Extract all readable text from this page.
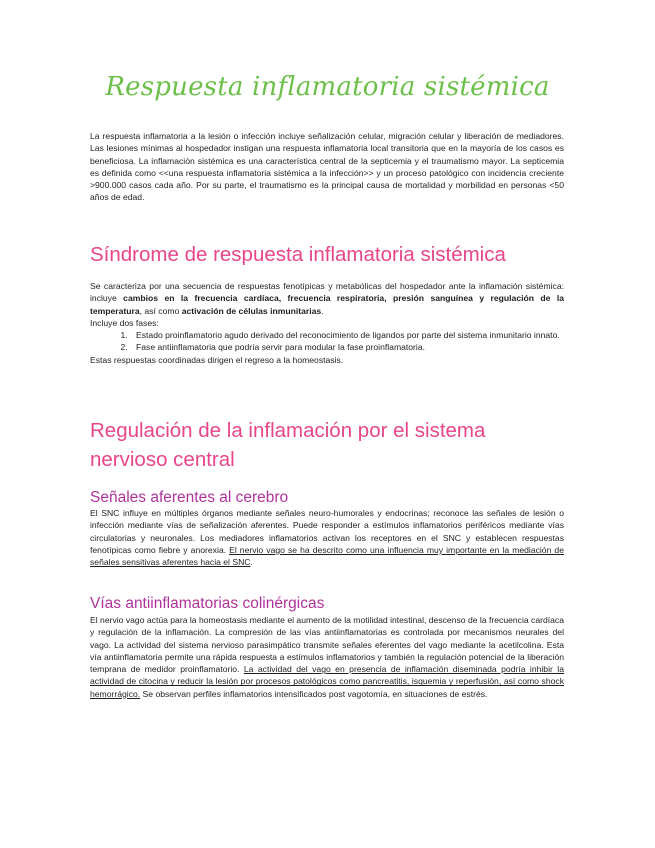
Respuesta inflamatoria sistémica

La respuesta inflamatoria a la lesión o infección incluye señalización celular, migración celular y liberación de mediadores. Las lesiones mínimas al hospedador instigan una respuesta inflamatoria local transitoria que en la mayoría de los casos es beneficiosa. La inflamación sistémica es una característica central de la septicemia y el traumatismo mayor. La septicemia es definida como <<una respuesta inflamatoria sistémica a la infección>> y un proceso patológico con incidencia creciente >900.000 casos cada año. Por su parte, el traumatismo es la principal causa de mortalidad y morbilidad en personas <50 años de edad.

Síndrome de respuesta inflamatoria sistémica

Se caracteriza por una secuencia de respuestas fenotípicas y metabólicas del hospedador ante la inflamación sistémica: incluye cambios en la frecuencia cardíaca, frecuencia respiratoria, presión sanguínea y regulación de la temperatura, así como activación de células inmunitarias.

Incluye dos fases:

1. Estado proinflamatorio agudo derivado del reconocimiento de ligandos por parte del sistema inmunitario innato.
2. Fase antiinflamatoria que podría servir para modular la fase proinflamatoria.

Estas respuestas coordinadas dirigen el regreso a la homeostasis.

Regulación de la inflamación por el sistema nervioso central
Señales aferentes al cerebro

El SNC influye en múltiples órganos mediante señales neuro-humorales y endocrinas; reconoce las señales de lesión o infección mediante vías de señalización aferentes. Puede responder a estímulos inflamatorios periféricos mediante vías circulatorias y neuronales. Los mediadores inflamatorios activan los receptores en el SNC y establecen respuestas fenotípicas como fiebre y anorexia. El nervio vago se ha descrito como una influencia muy importante en la mediación de señales sensitivas aferentes hacia el SNC.

Vías antiinflamatorias colinérgicas

El nervio vago actúa para la homeostasis mediante el aumento de la motilidad intestinal, descenso de la frecuencia cardíaca y regulación de la inflamación. La compresión de las vías antiinflamatorias es controlada por mecanismos neurales del vago. La actividad del sistema nervioso parasimpático transmite señales eferentes del vago mediante la acetilcolina. Esta vía antiinflamatoria permite una rápida respuesta a estímulos inflamatorios y también la regulación potencial de la liberación temprana de medidor proinflamatorio. La actividad del vago en presencia de inflamación diseminada podría inhibir la actividad de citocina y reducir la lesión por procesos patológicos como pancreatitis, isquemia y reperfusión, así como shock hemorrágico. Se observan perfiles inflamatorios intensificados post vagotomía, en situaciones de estrés.
